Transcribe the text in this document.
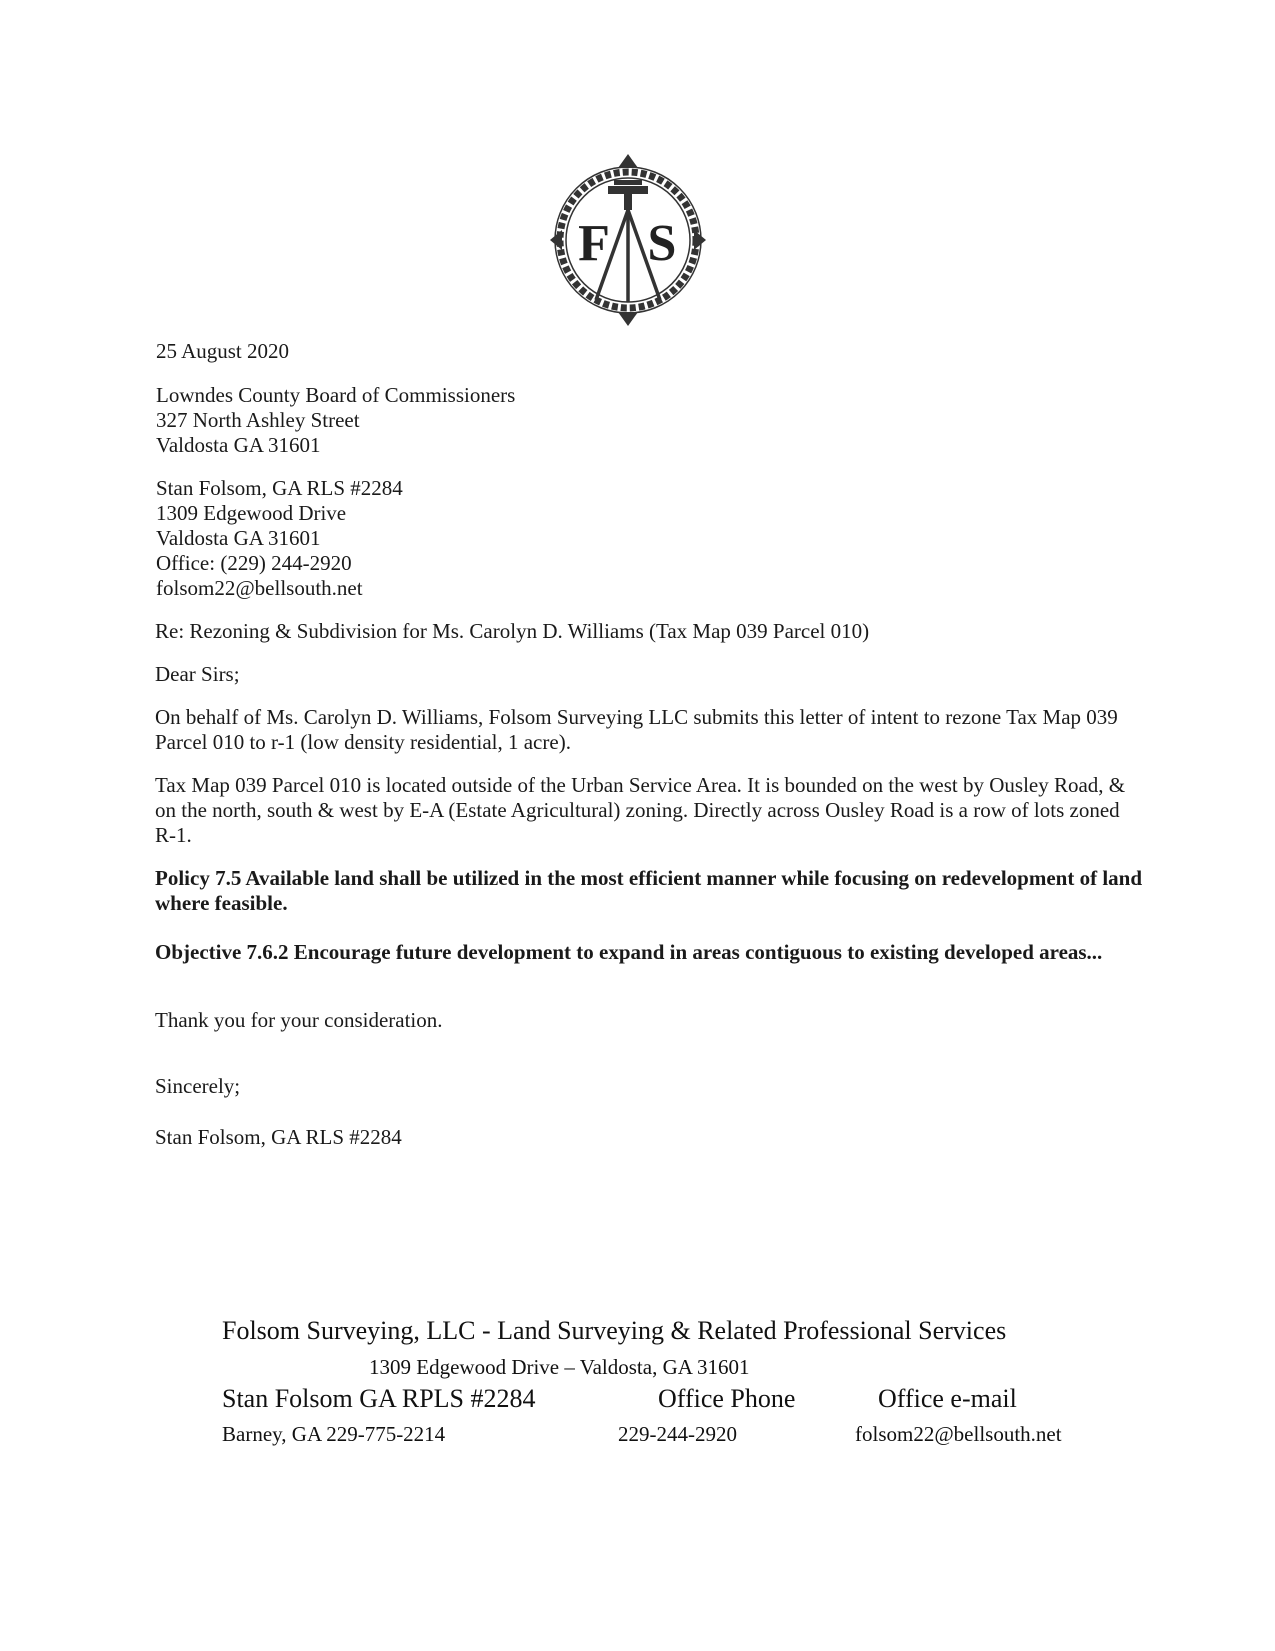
F S
25 August 2020
Lowndes County Board of Commissioners
327 North Ashley Street
Valdosta GA 31601
Stan Folsom, GA RLS #2284
1309 Edgewood Drive
Valdosta GA 31601
Office: (229) 244-2920
folsom22@bellsouth.net
Re: Rezoning & Subdivision for Ms. Carolyn D. Williams (Tax Map 039 Parcel 010)
Dear Sirs;
On behalf of Ms. Carolyn D. Williams, Folsom Surveying LLC submits this letter of intent to rezone Tax Map 039 Parcel 010 to r-1 (low density residential, 1 acre).
Tax Map 039 Parcel 010 is located outside of the Urban Service Area. It is bounded on the west by Ousley Road, & on the north, south & west by E-A (Estate Agricultural) zoning. Directly across Ousley Road is a row of lots zoned R-1.
Policy 7.5 Available land shall be utilized in the most efficient manner while focusing on redevelopment of land where feasible.
Objective 7.6.2 Encourage future development to expand in areas contiguous to existing developed areas...
Thank you for your consideration.
Sincerely;
Stan Folsom, GA RLS #2284
Folsom Surveying, LLC - Land Surveying & Related Professional Services
1309 Edgewood Drive – Valdosta, GA 31601
Stan Folsom GA RPLS #2284	Office Phone	Office e-mail
Barney, GA 229-775-2214	229-244-2920	folsom22@bellsouth.net
